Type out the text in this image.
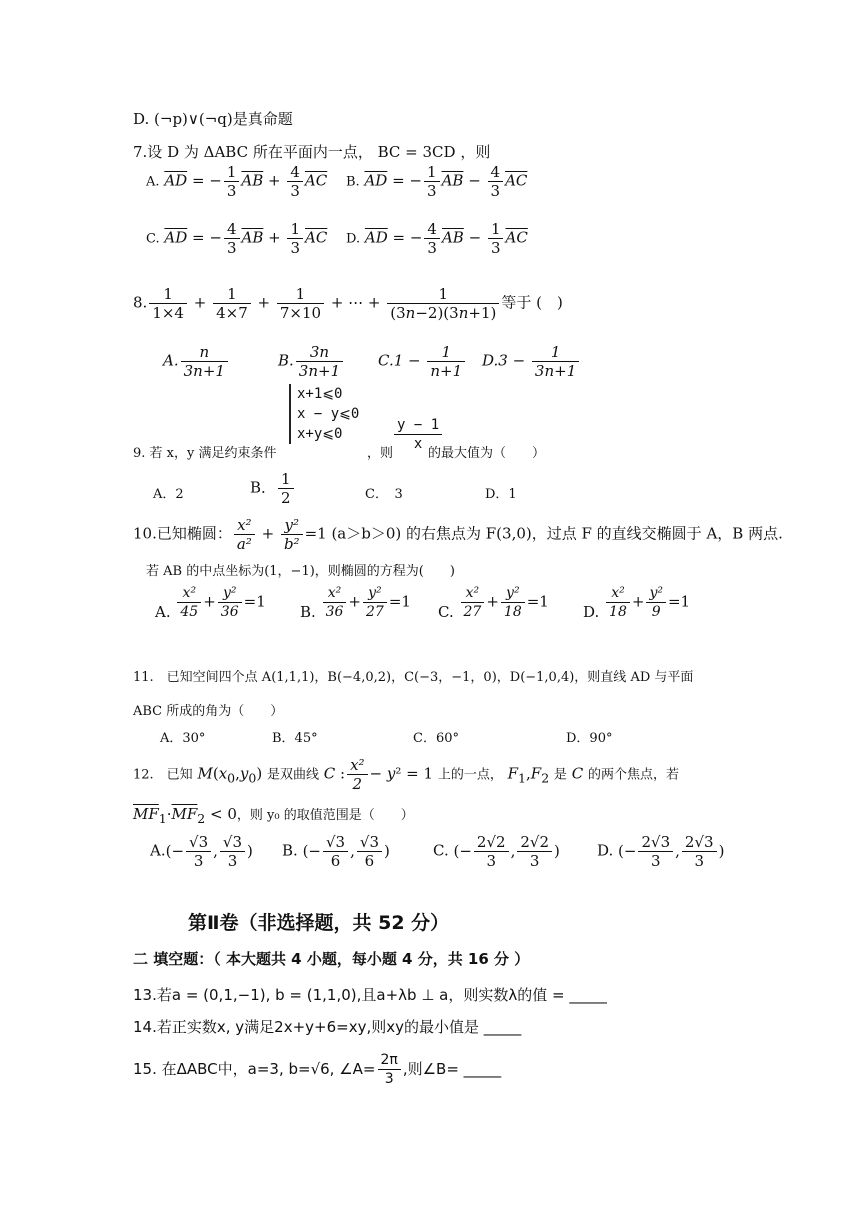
D. (¬p)∨(¬q)是真命题
7.设 D 为 ΔABC 所在平面内一点， BC = 3CD ，则
A. $\overline{AD}$ = − $\frac{1}{3} \overline{AB} + \frac{4}{3} \overline{AC}$ B. $\overline{AD}$ = − $\frac{1}{3} \overline{AB} - \frac{4}{3} \overline{AC}$
C. $\overline{AD}$ = − $\frac{4}{3} \overline{AB} + \frac{1}{3} \overline{AC}$ D. $\overline{AD}$ = − $\frac{4}{3} \overline{AB} - \frac{1}{3} \overline{AC}$
8. $\frac{1}{1\times 4} + \frac{1}{4\times 7} + \frac{1}{7\times 10}$ + ⋯ + $\frac{1}{(3n-2)(3n+1)}$ 等于 (　)
A. $\frac{n}{3n+1}$	B. $\frac{3n}{3n+1} C.1 - \frac{1}{n+1} D.3 - \frac{1}{3n+1}$
9. 若 x，y 满足约束条件
x+1⩽0
x − y⩽0
x+y⩽0
，则
$\frac{y - 1}{x}$
的最大值为（　　）
A．2	B． $\frac{1}{2}$	C．　3	D．1
10.已知椭圆： $\frac{\text{x²}}{\text{a²}} + \frac{\text{y²}}{\text{b²}} =1$ (a＞b＞0) 的右焦点为 F(3,0)，过点 F 的直线交椭圆于 A，B 两点.
若 AB 的中点坐标为(1，−1)，则椭圆的方程为(　　)
A. $\frac{\text{x²}}{45} + \frac{\text{y²}}{36} =1$
B. $\frac{\text{x²}}{36} + \frac{\text{y²}}{27} =1$
C. $\frac{\text{x²}}{27} + \frac{\text{y²}}{18} =1$
D. $\frac{\text{x²}}{18} + \frac{\text{y²}}{9} =1$
11.　已知空间四个点 A(1,1,1)，B(−4,0,2)，C(−3，−1，0)，D(−1,0,4)，则直线 AD 与平面
ABC 所成的角为（　　）
A．30°	B．45°	C．60°	D．90°
12.　已知 $M(x_0,y_0)$ 是双曲线 C : $\frac{\text{x²}}{2} - y^2 = 1$ 上的一点， $F_1,F_2$ 是 C 的两个焦点，若
$\overline{MF}_1\cdot\overline{MF}_2 < 0$，则 y₀ 的取值范围是（　　）
$A.(- \frac{√3}{3}$ , $\frac{√3}{3}$ ) B. (− $\frac{√3}{6}$ , $\frac{√3}{6}$ )	C. (− $\frac{2√2}{3}$ , $\frac{2√2}{3}$ ) D. (− $\frac{2√3}{3}$ , $\frac{2√3}{3}$ )
第Ⅱ卷（非选择题，共 52 分）
二 填空题：（ 本大题共 4 小题，每小题 4 分，共 16 分 ）
13.若a = (0,1,−1), b = (1,1,0),且a+λb ⊥ a，则实数λ的值 = _____
14.若正实数x, y满足2x+y+6=xy,则xy的最小值是 _____
15. 在ΔABC中，a=3, b=√6, ∠A= $\frac{2\pi}{3}$ ,则∠B= _____
